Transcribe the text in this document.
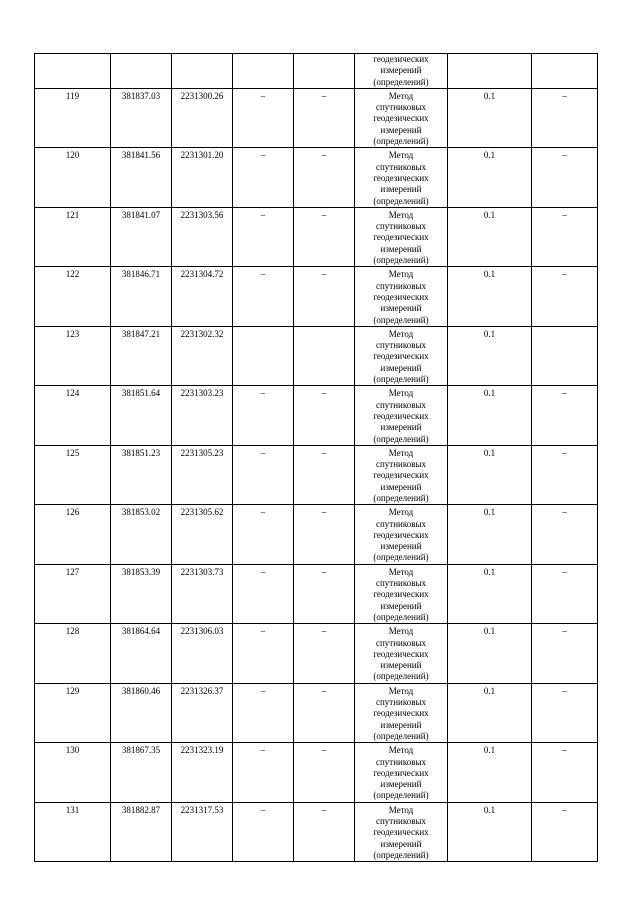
					геодезических
измерений
(определений)		
119	381837.03	2231300.26	–	–	Метод
спутниковых
геодезических
измерений
(определений)	0.1	–
120	381841.56	2231301.20	–	–	Метод
спутниковых
геодезических
измерений
(определений)	0.1	–
121	381841.07	2231303.56	–	–	Метод
спутниковых
геодезических
измерений
(определений)	0.1	–
122	381846.71	2231304.72	–	–	Метод
спутниковых
геодезических
измерений
(определений)	0.1	–
123	381847.21	2231302.32			Метод
спутниковых
геодезических
измерений
(определений)	0.1	
124	381851.64	2231303.23	–	–	Метод
спутниковых
геодезических
измерений
(определений)	0.1	–
125	381851.23	2231305.23	–	–	Метод
спутниковых
геодезических
измерений
(определений)	0.1	–
126	381853.02	2231305.62	–	–	Метод
спутниковых
геодезических
измерений
(определений)	0.1	–
127	381853.39	2231303.73	–	–	Метод
спутниковых
геодезических
измерений
(определений)	0.1	–
128	381864.64	2231306.03	–	–	Метод
спутниковых
геодезических
измерений
(определений)	0.1	–
129	381860.46	2231326.37	–	–	Метод
спутниковых
геодезических
измерений
(определений)	0.1	–
130	381867.35	2231323.19	–	–	Метод
спутниковых
геодезических
измерений
(определений)	0.1	–
131	381882.87	2231317.53	–	–	Метод
спутниковых
геодезических
измерений
(определений)	0.1	–
